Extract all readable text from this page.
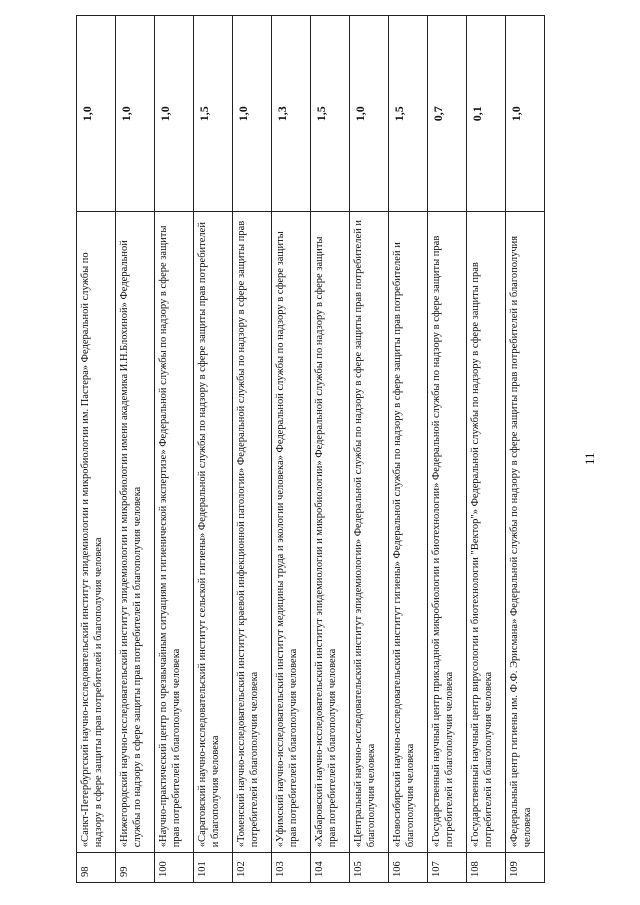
98	«Санкт-Петербургский научно-исследовательский институт эпидемиологии и микробиологии им. Пастера» Федеральной службы по надзору в сфере защиты прав потребителей и благополучия человека	1,0
99	«Нижегородский научно-исследовательский институт эпидемиологии и микробиологии имени академика И.Н.Блохиной» Федеральной службы по надзору в сфере защиты прав потребителей и благополучия человека	1,0
100	«Научно-практический центр по чрезвычайным ситуациям и гигиенической экспертизе» Федеральной службы по надзору в сфере защиты прав потребителей и благополучия человека	1,0
101	«Саратовский научно-исследовательский институт сельской гигиены» Федеральной службы по надзору в сфере защиты прав потребителей и благополучия человека	1,5
102	«Томенский научно-исследовательский институт краевой инфекционной патологии» Федеральной службы по надзору в сфере защиты прав потребителей и благополучия человека	1,0
103	«Уфимский научно-исследовательский институт медицины труда и экологии человека» Федеральной службы по надзору в сфере защиты прав потребителей и благополучия человека	1,3
104	«Хабаровский научно-исследовательский институт эпидемиологии и микробиологии» Федеральной службы по надзору в сфере защиты прав потребителей и благополучия человека	1,5
105	«Центральный научно-исследовательский институт эпидемиологии» Федеральной службы по надзору в сфере защиты прав потребителей и благополучия человека	1,0
106	«Новосибирский научно-исследовательский институт гигиены» Федеральной службы по надзору в сфере защиты прав потребителей и благополучия человека	1,5
107	«Государственный научный центр прикладной микробиологии и биотехнологии» Федеральной службы по надзору в сфере защиты прав потребителей и благополучия человека	0,7
108	«Государственный научный центр вирусологии и биотехнологии "Вектор"» Федеральной службы по надзору в сфере защиты прав потребителей и благополучия человека	0,1
109	«Федеральный центр гигиены им. Ф.Ф. Эрисмана» Федеральной службы по надзору в сфере защиты прав потребителей и благополучия человека	1,0
11
